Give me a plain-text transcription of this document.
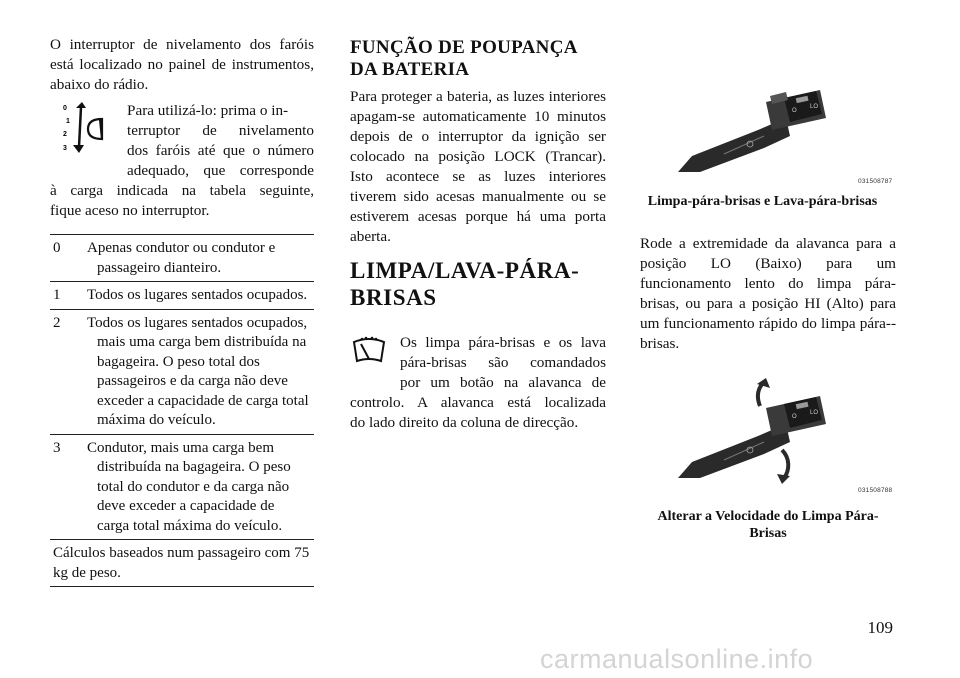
O interruptor de nivelamento dos faróis está localizado no painel de instrumentos, abaixo do rádio.

0
1
2
3

Para utilizá-lo: prima o in-

terruptor de nivelamento

dos faróis até que o número

adequado, que corresponde

à carga indicada na tabela seguinte,

fique aceso no interruptor.

0	Apenas condutor ou condutor e passageiro dianteiro.
1	Todos os lugares sentados ocupados.
2	Todos os lugares sentados ocupados, mais uma carga bem distribuída na bagageira. O peso total dos passageiros e da carga não deve exceder a capacidade de carga total máxima do veículo.
3	Condutor, mais uma carga bem distribuída na bagageira. O peso total do condutor e da carga não deve exceder a capacidade de carga total máxima do veículo.
Cálculos baseados num passageiro com 75 kg de peso.	
FUNÇÃO DE POUPANÇA
DA BATERIA

Para proteger a bateria, as luzes interiores apagam-se automaticamente 10 minutos depois de o interruptor da ignição ser colocado na posição LOCK (Trancar). Isto acontece se as luzes interiores tiverem sido acesas manualmente ou se estiverem acesas porque há uma porta aberta.

LIMPA/LAVA-PÁRA-
BRISAS

Os limpa pára-brisas e os lava

pára-brisas são comandados

por um botão na alavanca de

controlo. A alavanca está localizada

do lado direito da coluna de direcção.

O
LO
031508787

Limpa-pára-brisas e Lava-pára-brisas

Rode a extremidade da alavanca para a posição LO (Baixo) para um funcionamento lento do limpa pára-brisas, ou para a posição HI (Alto) para um funcionamento rápido do limpa pára--brisas.

O
LO
031508788

Alterar a Velocidade do Limpa Pára-Brisas

109
carmanualsonline.info
